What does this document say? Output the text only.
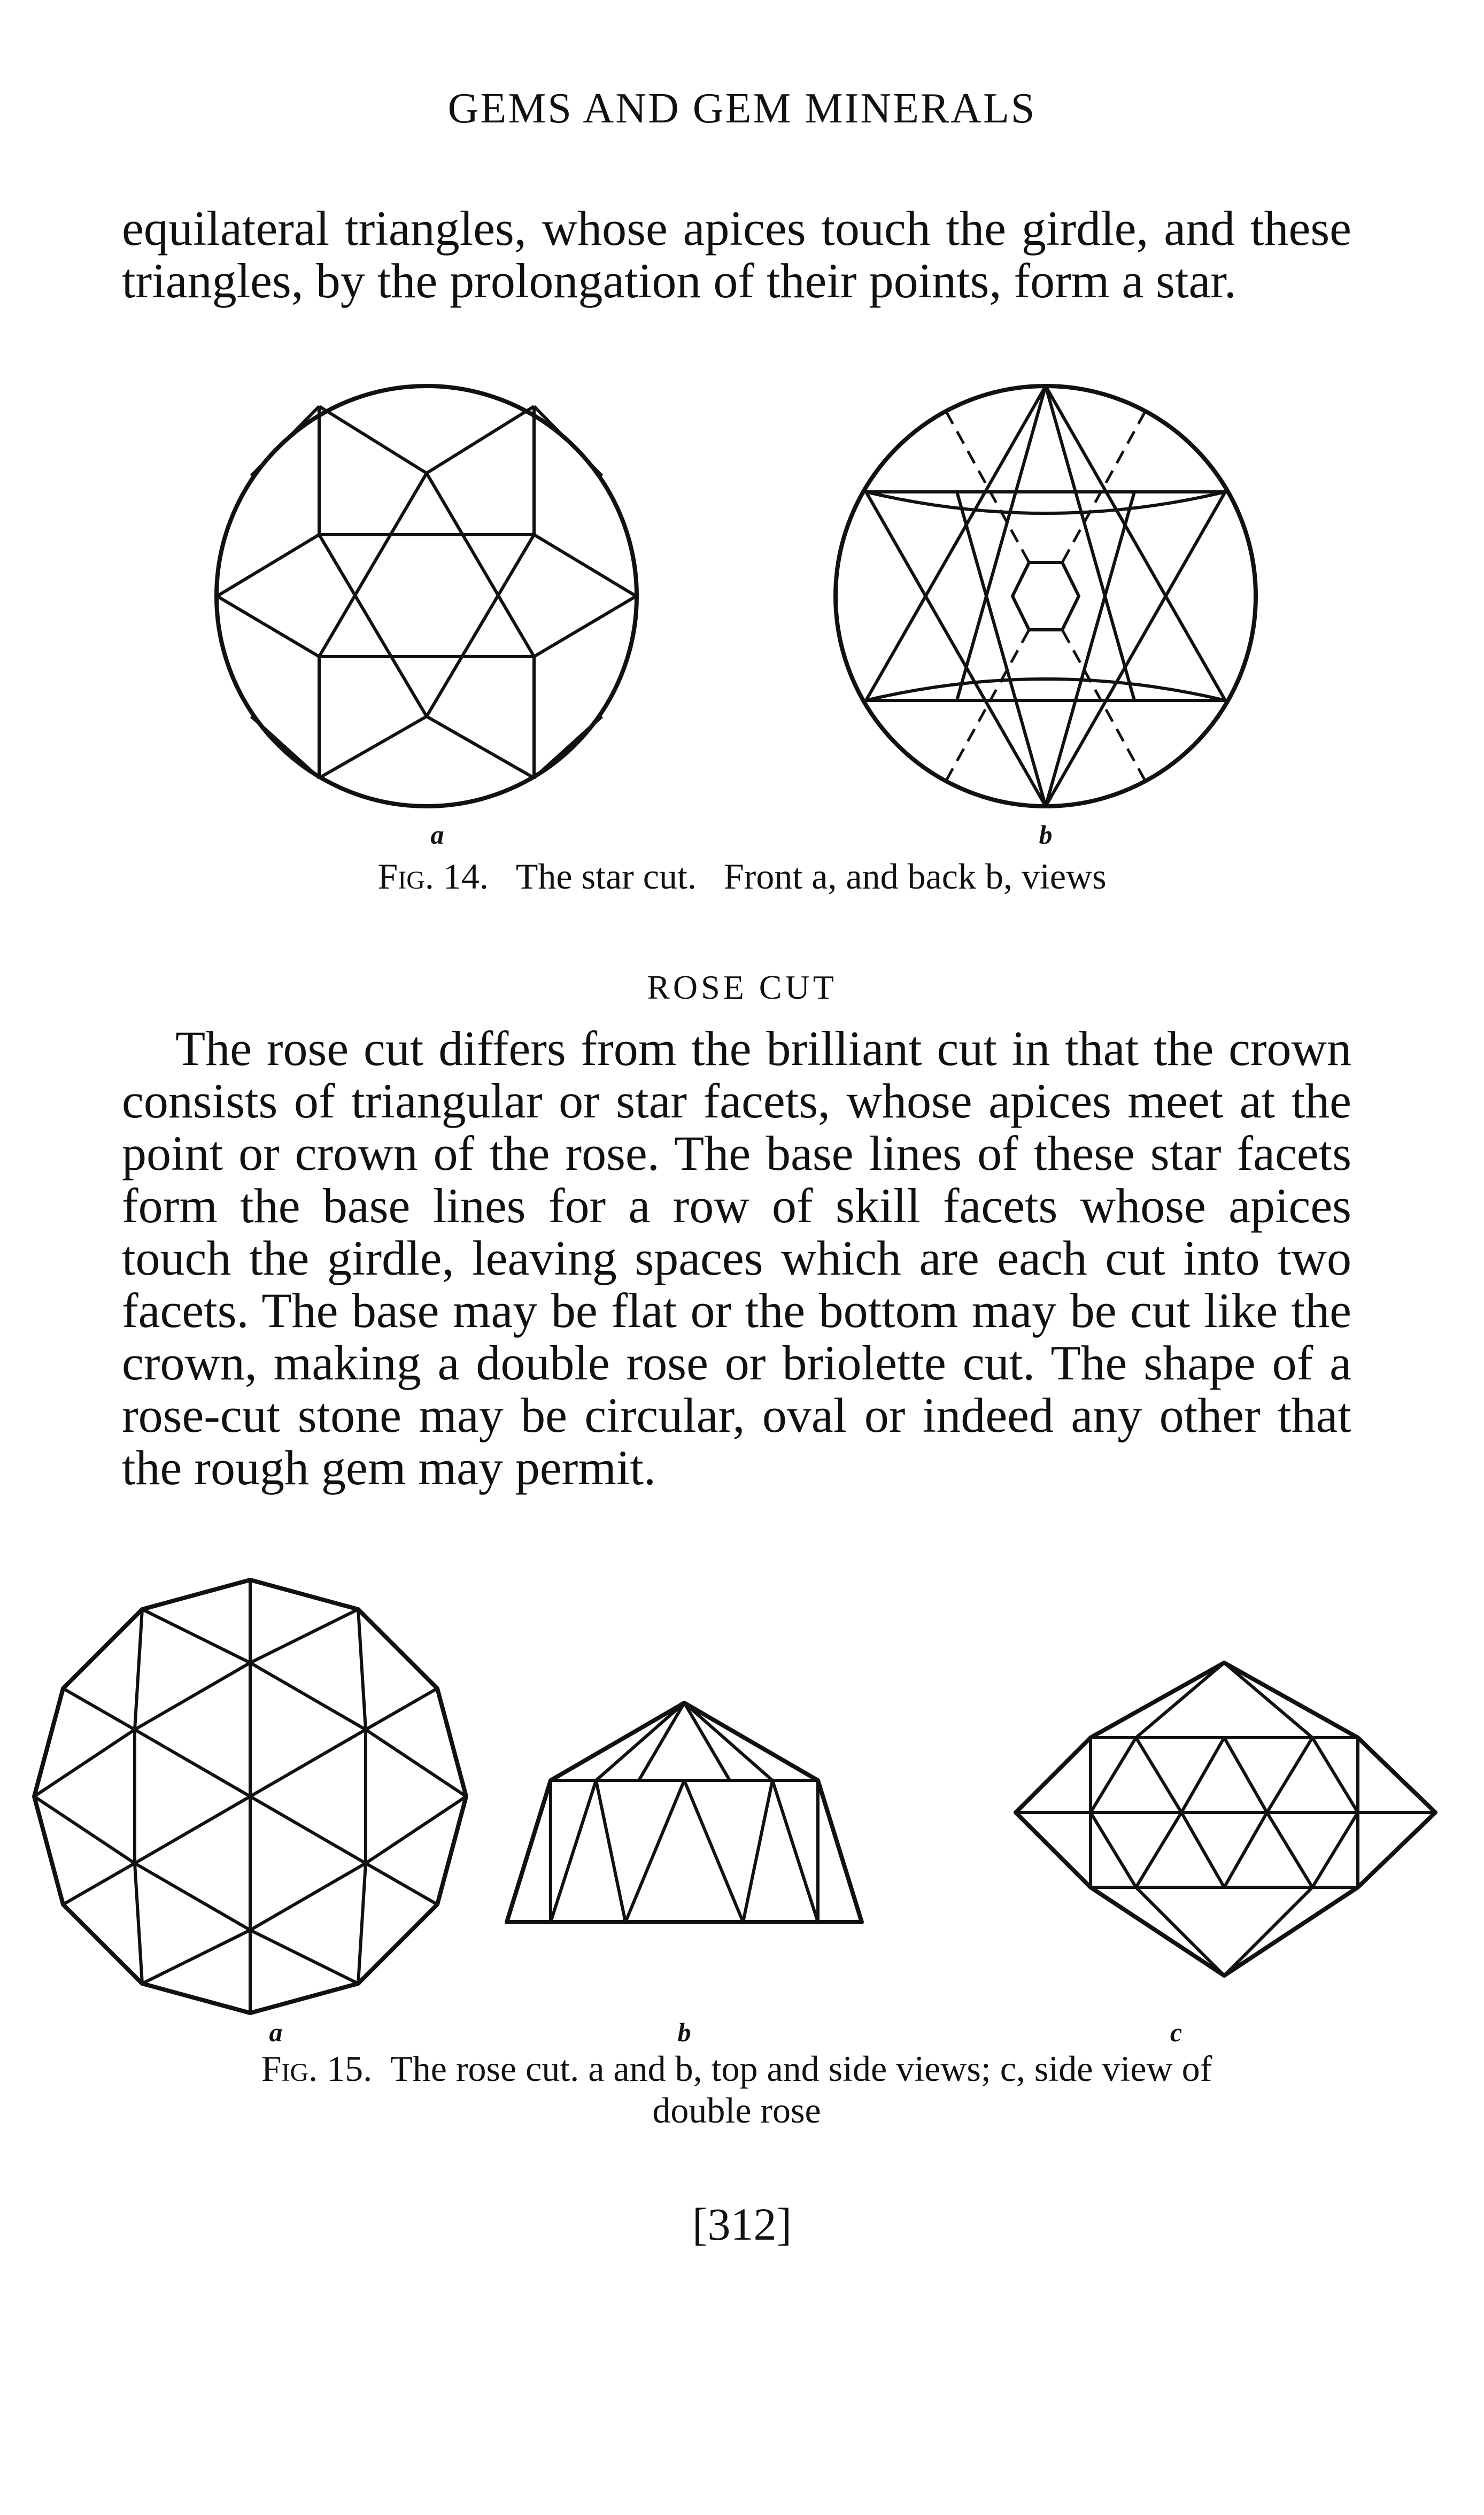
GEMS AND GEM MINERALS

equilateral triangles, whose apices touch the girdle, and these triangles, by the prolongation of their points, form a star.

a	b
Fig. 14. The star cut. Front a, and back b, views
ROSE CUT

The rose cut differs from the brilliant cut in that the crown consists of triangular or star facets, whose apices meet at the point or crown of the rose. The base lines of these star facets form the base lines for a row of skill facets whose apices touch the girdle, leaving spaces which are each cut into two facets. The base may be flat or the bottom may be cut like the crown, making a double rose or briolette cut. The shape of a rose-cut stone may be circular, oval or indeed any other that the rough gem may permit.

a	b	c
Fig. 15. The rose cut. a and b, top and side views; c, side view of
double rose
[312]
